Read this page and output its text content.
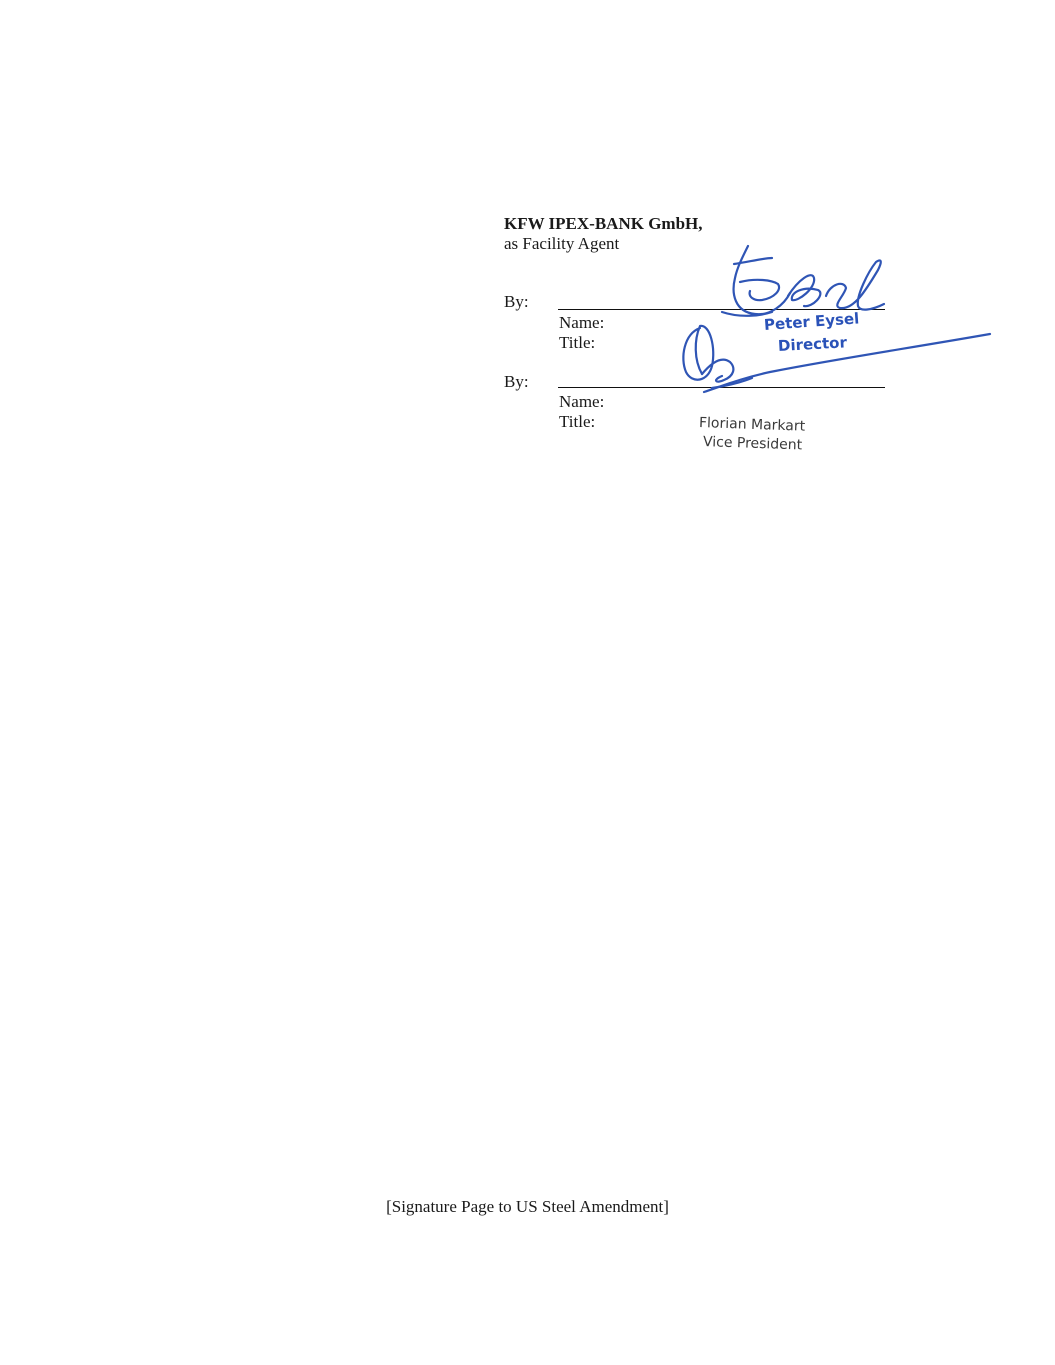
KFW IPEX-BANK GmbH,

as Facility Agent

By:
Name:
Title:
Peter Eysel
Director
By:
Name:
Title:	Florian Markart
Vice President
[Signature Page to US Steel Amendment]
